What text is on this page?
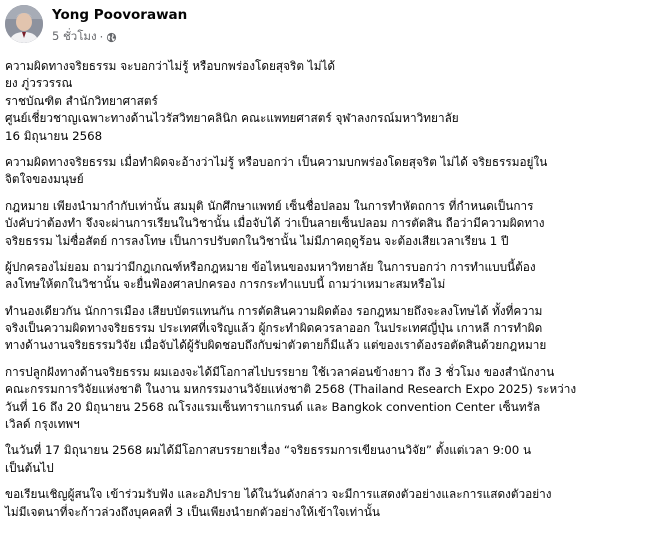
Yong Poovorawan
5 ชั่วโมง ·
ความผิดทางจริยธรรม จะบอกว่าไม่รู้ หรือบกพร่องโดยสุจริต ไม่ได้
ยง ภู่วรวรรณ
ราชบัณฑิต สำนักวิทยาศาสตร์
ศูนย์เชี่ยวชาญเฉพาะทางด้านไวรัสวิทยาคลินิก คณะแพทยศาสตร์ จุฬาลงกรณ์มหาวิทยาลัย
16 มิถุนายน 2568
ความผิดทางจริยธรรม เมื่อทำผิดจะอ้างว่าไม่รู้ หรือบอกว่า เป็นความบกพร่องโดยสุจริต ไม่ได้ จริยธรรมอยู่ใน
จิตใจของมนุษย์
กฎหมาย เพียงนำมากำกับเท่านั้น สมมุติ นักศึกษาแพทย์ เซ็นชื่อปลอม ในการทำหัตถการ ที่กำหนดเป็นการ
บังคับว่าต้องทำ จึงจะผ่านการเรียนในวิชานั้น เมื่อจับได้ ว่าเป็นลายเซ็นปลอม การตัดสิน ถือว่ามีความผิดทาง
จริยธรรม ไม่ซื่อสัตย์ การลงโทษ เป็นการปรับตกในวิชานั้น ไม่มีภาคฤดูร้อน จะต้องเสียเวลาเรียน 1 ปี
ผู้ปกครองไม่ยอม ถามว่ามีกฎเกณฑ์หรือกฎหมาย ข้อไหนของมหาวิทยาลัย ในการบอกว่า การทำแบบนี้ต้อง
ลงโทษให้ตกในวิชานั้น จะยื่นฟ้องศาลปกครอง การกระทำแบบนี้ ถามว่าเหมาะสมหรือไม่
ทำนองเดียวกัน นักการเมือง เสียบบัตรแทนกัน การตัดสินความผิดต้อง รอกฎหมายถึงจะลงโทษได้ ทั้งที่ความ
จริงเป็นความผิดทางจริยธรรม ประเทศที่เจริญแล้ว ผู้กระทำผิดควรลาออก ในประเทศญี่ปุ่น เกาหลี การทำผิด
ทางด้านงานจริยธรรมวิจัย เมื่อจับได้ผู้รับผิดชอบถึงกับฆ่าตัวตายก็มีแล้ว แต่ของเราต้องรอตัดสินด้วยกฎหมาย
การปลูกฝังทางด้านจริยธรรม ผมเองจะได้มีโอกาสไปบรรยาย ใช้เวลาค่อนข้างยาว ถึง 3 ชั่วโมง ของสำนักงาน
คณะกรรมการวิจัยแห่งชาติ ในงาน มหกรรมงานวิจัยแห่งชาติ 2568 (Thailand Research Expo 2025) ระหว่าง
วันที่ 16 ถึง 20 มิถุนายน 2568 ณโรงแรมเซ็นทาราแกรนด์ และ Bangkok convention Center เซ็นทรัล
เวิลด์ กรุงเทพฯ
ในวันที่ 17 มิถุนายน 2568 ผมได้มีโอกาสบรรยายเรื่อง “จริยธรรมการเขียนงานวิจัย” ตั้งแต่เวลา 9:00 น
เป็นต้นไป
ขอเรียนเชิญผู้สนใจ เข้าร่วมรับฟัง และอภิปราย ได้ในวันดังกล่าว จะมีการแสดงตัวอย่างและการแสดงตัวอย่าง
ไม่มีเจตนาที่จะก้าวล่วงถึงบุคคลที่ 3 เป็นเพียงนำยกตัวอย่างให้เข้าใจเท่านั้น
